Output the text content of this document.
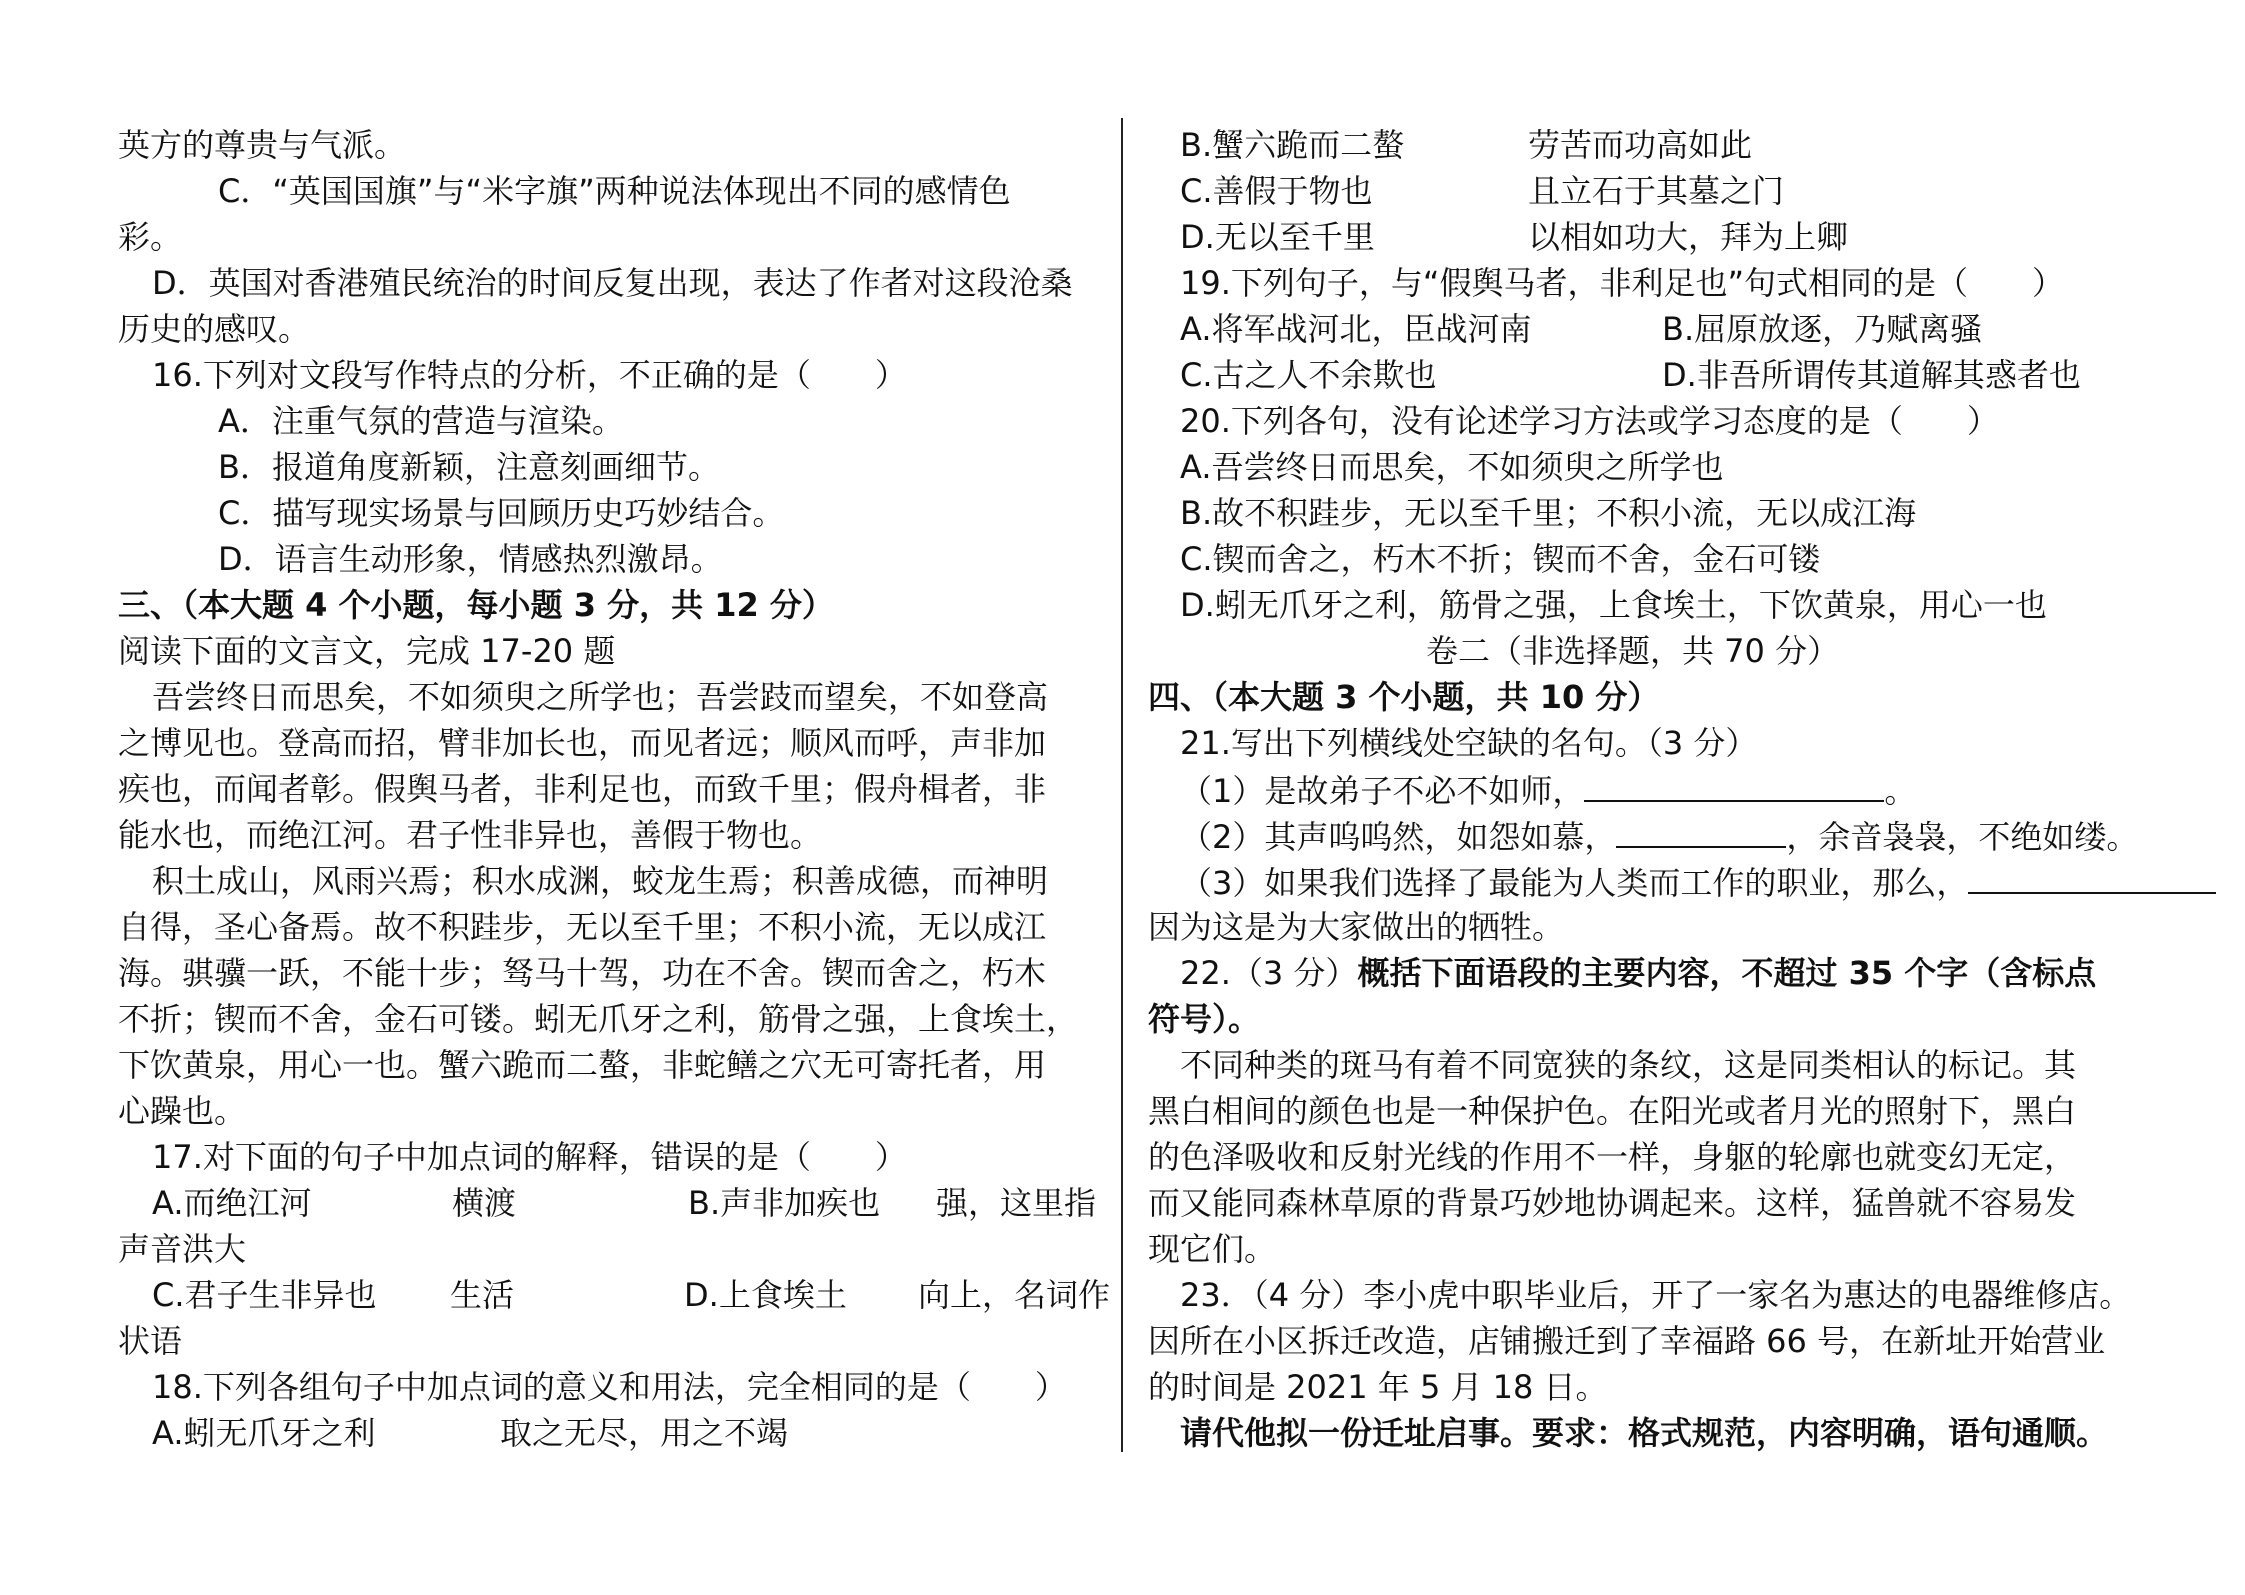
英方的尊贵与气派。
C．“英国国旗”与“米字旗”两种说法体现出不同的感情色
彩。
D．英国对香港殖民统治的时间反复出现，表达了作者对这段沧桑
历史的感叹。
16.下列对文段写作特点的分析，不正确的是（　　）
A．注重气氛的营造与渲染。
B．报道角度新颖，注意刻画细节。
C．描写现实场景与回顾历史巧妙结合。
D．语言生动形象，情感热烈激昂。
三、（本大题 4 个小题，每小题 3 分，共 12 分）
阅读下面的文言文，完成 17-20 题
吾尝终日而思矣，不如须臾之所学也；吾尝跂而望矣，不如登高
之博见也。登高而招，臂非加长也，而见者远；顺风而呼，声非加
疾也，而闻者彰。假舆马者，非利足也，而致千里；假舟楫者，非
能水也，而绝江河。君子性非异也，善假于物也。
积土成山，风雨兴焉；积水成渊，蛟龙生焉；积善成德，而神明
自得，圣心备焉。故不积跬步，无以至千里；不积小流，无以成江
海。骐骥一跃，不能十步；驽马十驾，功在不舍。锲而舍之，朽木
不折；锲而不舍，金石可镂。蚓无爪牙之利，筋骨之强，上食埃土，
下饮黄泉，用心一也。蟹六跪而二螯，非蛇鳝之穴无可寄托者，用
心躁也。
17.对下面的句子中加点词的解释，错误的是（　　）
A.而绝江河	横渡	B.声非加疾也 强，这里指
声音洪大
C.君子生非异也 生活	D.上食埃土 向上，名词作
状语
18.下列各组句子中加点词的意义和用法，完全相同的是（　　）
A.蚓无爪牙之利	取之无尽，用之不竭
B.蟹六跪而二螯	劳苦而功高如此
C.善假于物也	且立石于其墓之门
D.无以至千里	以相如功大，拜为上卿
19.下列句子，与“假舆马者，非利足也”句式相同的是（　　）
A.将军战河北，臣战河南	B.屈原放逐，乃赋离骚
C.古之人不余欺也	D.非吾所谓传其道解其惑者也
20.下列各句，没有论述学习方法或学习态度的是（　　）
A.吾尝终日而思矣，不如须臾之所学也
B.故不积跬步，无以至千里；不积小流，无以成江海
C.锲而舍之，朽木不折；锲而不舍，金石可镂
D.蚓无爪牙之利，筋骨之强，上食埃土，下饮黄泉，用心一也
卷二（非选择题，共 70 分）
四、（本大题 3 个小题，共 10 分）
21.写出下列横线处空缺的名句。（3 分）
（1）是故弟子不必不如师，	。
（2）其声呜呜然，如怨如慕，	，余音袅袅，不绝如缕。
（3）如果我们选择了最能为人类而工作的职业，那么，
因为这是为大家做出的牺牲。
22.（3 分）概括下面语段的主要内容，不超过 35 个字（含标点
符号）。
不同种类的斑马有着不同宽狭的条纹，这是同类相认的标记。其
黑白相间的颜色也是一种保护色。在阳光或者月光的照射下，黑白
的色泽吸收和反射光线的作用不一样，身躯的轮廓也就变幻无定，
而又能同森林草原的背景巧妙地协调起来。这样，猛兽就不容易发
现它们。
23．（4 分）李小虎中职毕业后，开了一家名为惠达的电器维修店。
因所在小区拆迁改造，店铺搬迁到了幸福路 66 号，在新址开始营业
的时间是 2021 年 5 月 18 日。
请代他拟一份迁址启事。要求：格式规范，内容明确，语句通顺。
